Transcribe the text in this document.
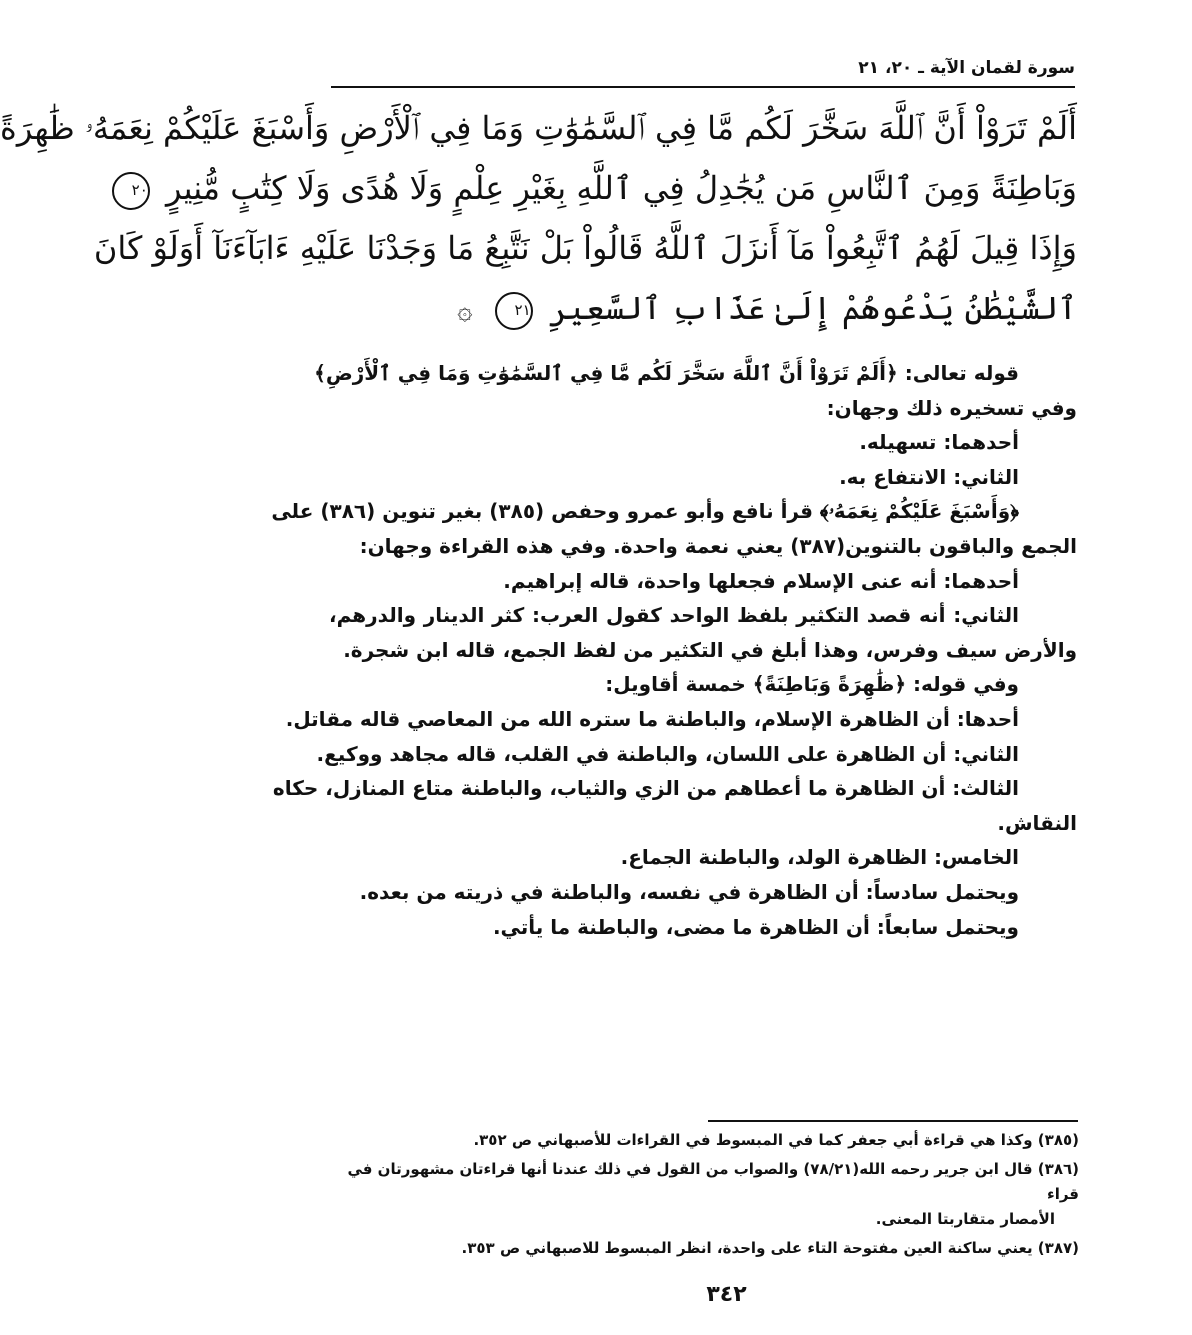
سورة لقمان الآية ـ ٢٠، ٢١
أَلَمْ تَرَوْاْ أَنَّ ٱللَّهَ سَخَّرَ لَكُم مَّا فِي ٱلسَّمَٰوَٰتِ وَمَا فِي ٱلْأَرْضِ وَأَسْبَغَ عَلَيْكُمْ نِعَمَهُۥ ظَٰهِرَةً
وَبَاطِنَةً وَمِنَ ٱلنَّاسِ مَن يُجَٰدِلُ فِي ٱللَّهِ بِغَيْرِ عِلْمٍ وَلَا هُدًى وَلَا كِتَٰبٍ مُّنِيرٍ ٢٠
وَإِذَا قِيلَ لَهُمُ ٱتَّبِعُواْ مَآ أَنزَلَ ٱللَّهُ قَالُواْ بَلْ نَتَّبِعُ مَا وَجَدْنَا عَلَيْهِ ءَابَآءَنَآ أَوَلَوْ كَانَ
ٱلشَّيْطَٰنُ يَدْعُوهُمْ إِلَىٰ عَذَابِ ٱلسَّعِيرِ ٢١ ۞
قوله تعالى: ﴿أَلَمْ تَرَوْاْ أَنَّ ٱللَّهَ سَخَّرَ لَكُم مَّا فِي ٱلسَّمَٰوَٰتِ وَمَا فِي ٱلْأَرْضِ﴾
وفي تسخيره ذلك وجهان:
أحدهما: تسهيله.
الثاني: الانتفاع به.
﴿وَأَسْبَغَ عَلَيْكُمْ نِعَمَهُۥ﴾ قرأ نافع وأبو عمرو وحفص (٣٨٥) بغير تنوين (٣٨٦) على
الجمع والباقون بالتنوين(٣٨٧) يعني نعمة واحدة. وفي هذه القراءة وجهان:
أحدهما: أنه عنى الإسلام فجعلها واحدة، قاله إبراهيم.
الثاني: أنه قصد التكثير بلفظ الواحد كقول العرب: كثر الدينار والدرهم،
والأرض سيف وفرس، وهذا أبلغ في التكثير من لفظ الجمع، قاله ابن شجرة.
وفي قوله: ﴿ظَٰهِرَةً وَبَاطِنَةً﴾ خمسة أقاويل:
أحدها: أن الظاهرة الإسلام، والباطنة ما ستره الله من المعاصي قاله مقاتل.
الثاني: أن الظاهرة على اللسان، والباطنة في القلب، قاله مجاهد ووكيع.
الثالث: أن الظاهرة ما أعطاهم من الزي والثياب، والباطنة متاع المنازل، حكاه
النقاش.
الخامس: الظاهرة الولد، والباطنة الجماع.
ويحتمل سادساً: أن الظاهرة في نفسه، والباطنة في ذريته من بعده.
ويحتمل سابعاً: أن الظاهرة ما مضى، والباطنة ما يأتي.
(٣٨٥) وكذا هي قراءة أبي جعفر كما في المبسوط في القراءات للأصبهاني ص ٣٥٢.
(٣٨٦) قال ابن جرير رحمه الله(٧٨/٢١) والصواب من القول في ذلك عندنا أنها قراءتان مشهورتان في قراء
الأمصار متقاربتا المعنى.
(٣٨٧) يعني ساكنة العين مفتوحة التاء على واحدة، انظر المبسوط للاصبهاني ص ٣٥٣.
٣٤٢
